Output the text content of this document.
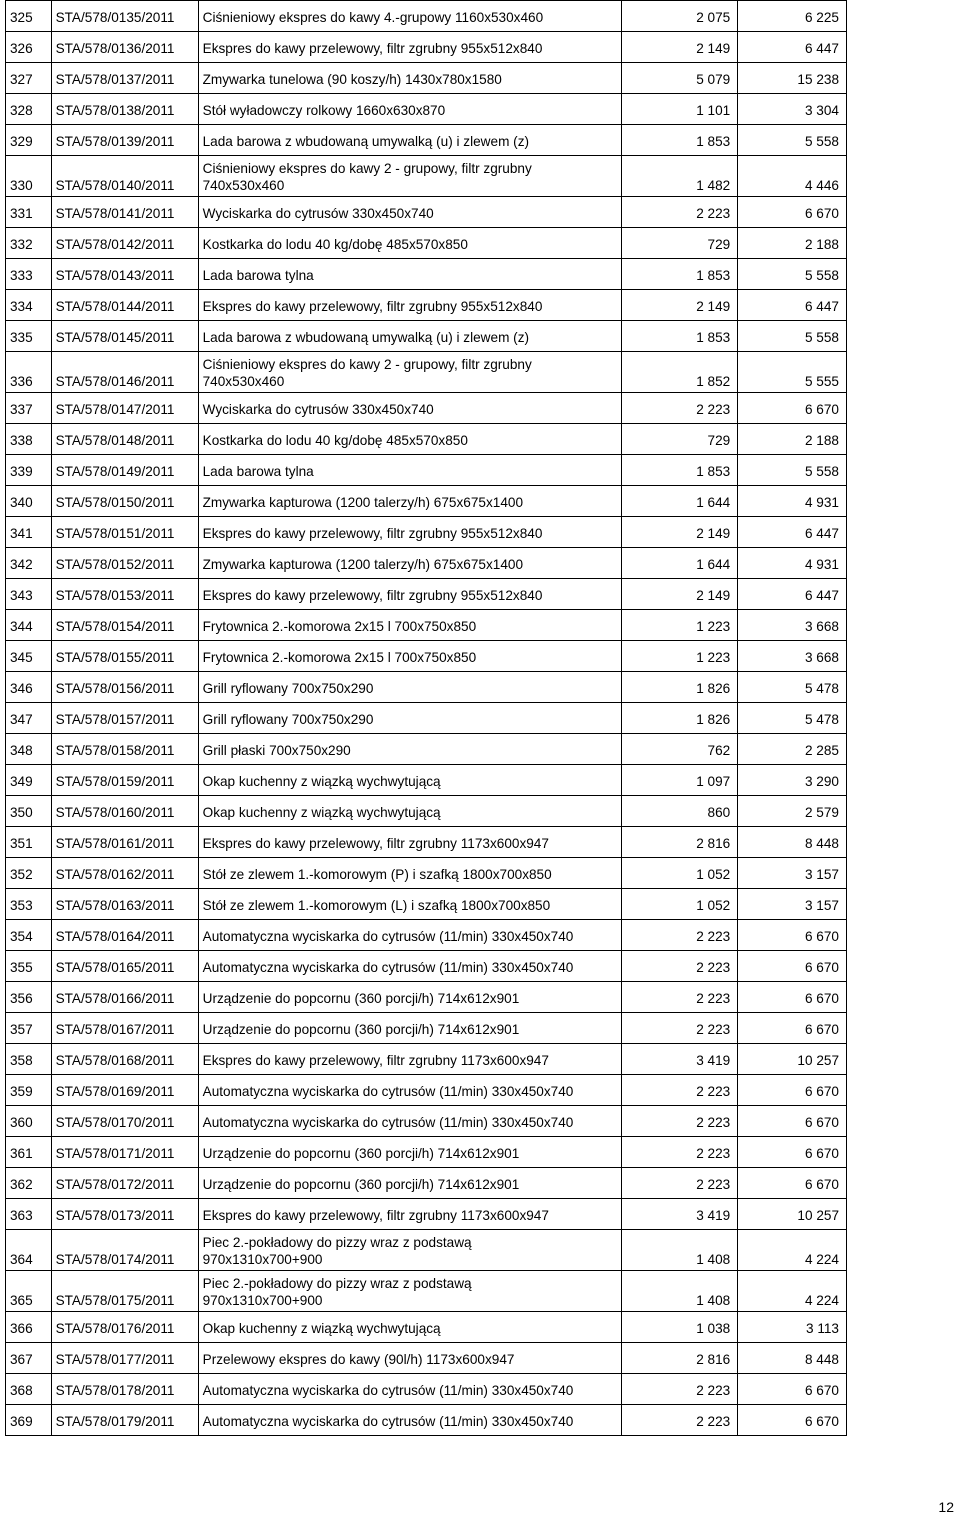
325	STA/578/0135/2011	Ciśnieniowy ekspres do kawy 4.-grupowy 1160x530x460	2 075	6 225
326	STA/578/0136/2011	Ekspres do kawy przelewowy, filtr zgrubny 955x512x840	2 149	6 447
327	STA/578/0137/2011	Zmywarka tunelowa (90 koszy/h) 1430x780x1580	5 079	15 238
328	STA/578/0138/2011	Stół wyładowczy rolkowy 1660x630x870	1 101	3 304
329	STA/578/0139/2011	Lada barowa z wbudowaną umywalką (u) i zlewem (z)	1 853	5 558
330	STA/578/0140/2011	Ciśnieniowy ekspres do kawy 2 - grupowy, filtr zgrubny 740x530x460	1 482	4 446
331	STA/578/0141/2011	Wyciskarka do cytrusów 330x450x740	2 223	6 670
332	STA/578/0142/2011	Kostkarka do lodu 40 kg/dobę 485x570x850	729	2 188
333	STA/578/0143/2011	Lada barowa tylna	1 853	5 558
334	STA/578/0144/2011	Ekspres do kawy przelewowy, filtr zgrubny 955x512x840	2 149	6 447
335	STA/578/0145/2011	Lada barowa z wbudowaną umywalką (u) i zlewem (z)	1 853	5 558
336	STA/578/0146/2011	Ciśnieniowy ekspres do kawy 2 - grupowy, filtr zgrubny 740x530x460	1 852	5 555
337	STA/578/0147/2011	Wyciskarka do cytrusów 330x450x740	2 223	6 670
338	STA/578/0148/2011	Kostkarka do lodu 40 kg/dobę 485x570x850	729	2 188
339	STA/578/0149/2011	Lada barowa tylna	1 853	5 558
340	STA/578/0150/2011	Zmywarka kapturowa (1200 talerzy/h) 675x675x1400	1 644	4 931
341	STA/578/0151/2011	Ekspres do kawy przelewowy, filtr zgrubny 955x512x840	2 149	6 447
342	STA/578/0152/2011	Zmywarka kapturowa (1200 talerzy/h) 675x675x1400	1 644	4 931
343	STA/578/0153/2011	Ekspres do kawy przelewowy, filtr zgrubny 955x512x840	2 149	6 447
344	STA/578/0154/2011	Frytownica 2.-komorowa 2x15 l 700x750x850	1 223	3 668
345	STA/578/0155/2011	Frytownica 2.-komorowa 2x15 l 700x750x850	1 223	3 668
346	STA/578/0156/2011	Grill ryflowany 700x750x290	1 826	5 478
347	STA/578/0157/2011	Grill ryflowany 700x750x290	1 826	5 478
348	STA/578/0158/2011	Grill płaski 700x750x290	762	2 285
349	STA/578/0159/2011	Okap kuchenny z wiązką wychwytującą	1 097	3 290
350	STA/578/0160/2011	Okap kuchenny z wiązką wychwytującą	860	2 579
351	STA/578/0161/2011	Ekspres do kawy przelewowy, filtr zgrubny 1173x600x947	2 816	8 448
352	STA/578/0162/2011	Stół ze zlewem 1.-komorowym (P) i szafką 1800x700x850	1 052	3 157
353	STA/578/0163/2011	Stół ze zlewem 1.-komorowym (L) i szafką 1800x700x850	1 052	3 157
354	STA/578/0164/2011	Automatyczna wyciskarka do cytrusów (11/min) 330x450x740	2 223	6 670
355	STA/578/0165/2011	Automatyczna wyciskarka do cytrusów (11/min) 330x450x740	2 223	6 670
356	STA/578/0166/2011	Urządzenie do popcornu (360 porcji/h) 714x612x901	2 223	6 670
357	STA/578/0167/2011	Urządzenie do popcornu (360 porcji/h) 714x612x901	2 223	6 670
358	STA/578/0168/2011	Ekspres do kawy przelewowy, filtr zgrubny 1173x600x947	3 419	10 257
359	STA/578/0169/2011	Automatyczna wyciskarka do cytrusów (11/min) 330x450x740	2 223	6 670
360	STA/578/0170/2011	Automatyczna wyciskarka do cytrusów (11/min) 330x450x740	2 223	6 670
361	STA/578/0171/2011	Urządzenie do popcornu (360 porcji/h) 714x612x901	2 223	6 670
362	STA/578/0172/2011	Urządzenie do popcornu (360 porcji/h) 714x612x901	2 223	6 670
363	STA/578/0173/2011	Ekspres do kawy przelewowy, filtr zgrubny 1173x600x947	3 419	10 257
364	STA/578/0174/2011	Piec 2.-pokładowy do pizzy wraz z podstawą 970x1310x700+900	1 408	4 224
365	STA/578/0175/2011	Piec 2.-pokładowy do pizzy wraz z podstawą 970x1310x700+900	1 408	4 224
366	STA/578/0176/2011	Okap kuchenny z wiązką wychwytującą	1 038	3 113
367	STA/578/0177/2011	Przelewowy ekspres do kawy (90l/h) 1173x600x947	2 816	8 448
368	STA/578/0178/2011	Automatyczna wyciskarka do cytrusów (11/min) 330x450x740	2 223	6 670
369	STA/578/0179/2011	Automatyczna wyciskarka do cytrusów (11/min) 330x450x740	2 223	6 670
12
